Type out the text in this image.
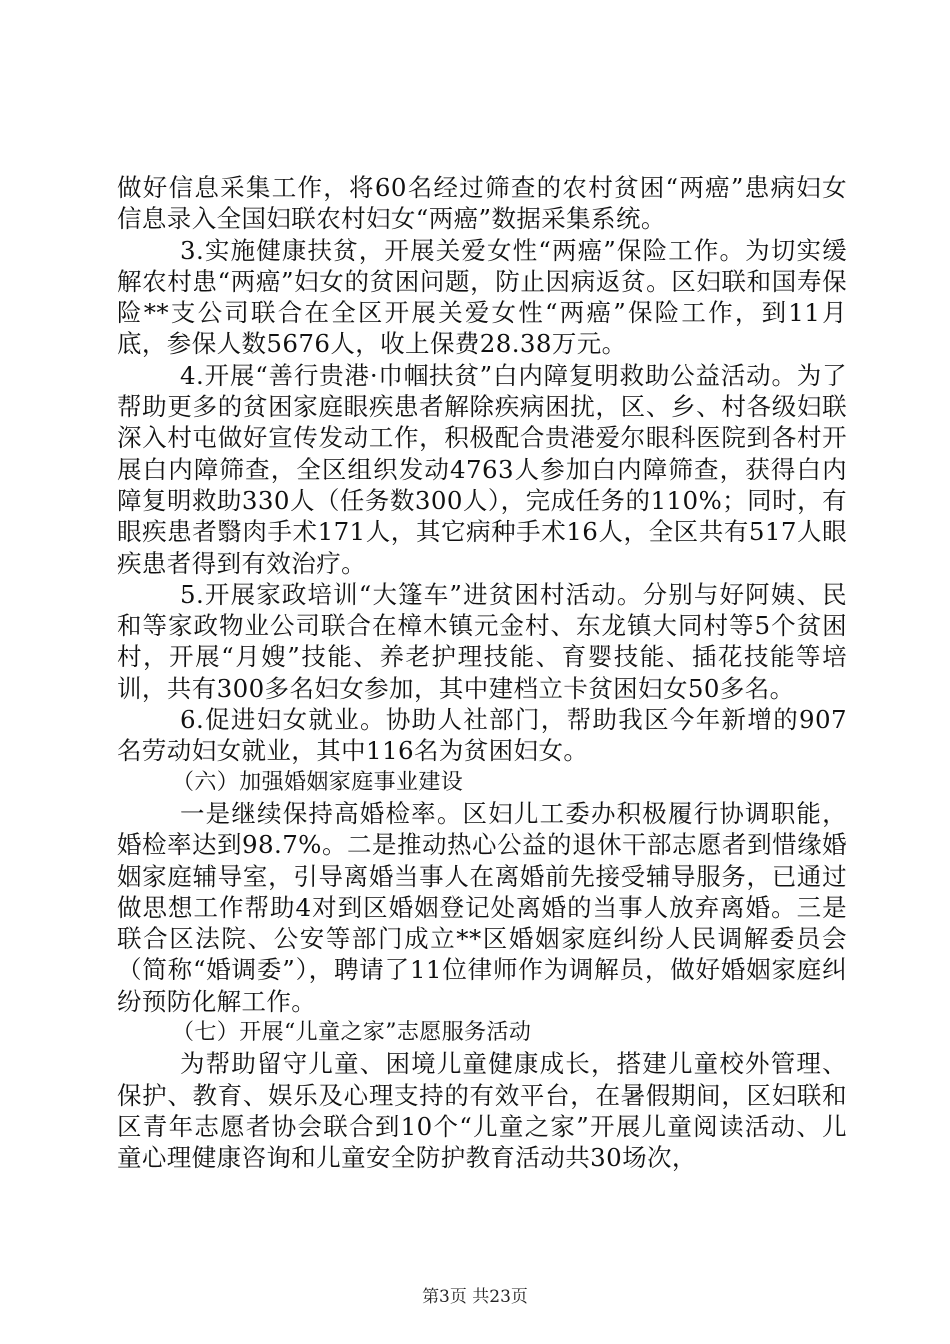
做好信息采集工作，将60名经过筛查的农村贫困“两癌”患病妇女信息录入全国妇联农村妇女“两癌”数据采集系统。

3.实施健康扶贫，开展关爱女性“两癌”保险工作。为切实缓解农村患“两癌”妇女的贫困问题，防止因病返贫。区妇联和国寿保险**支公司联合在全区开展关爱女性“两癌”保险工作，到11月底，参保人数5676人，收上保费28.38万元。

4.开展“善行贵港·巾帼扶贫”白内障复明救助公益活动。为了帮助更多的贫困家庭眼疾患者解除疾病困扰，区、乡、村各级妇联深入村屯做好宣传发动工作，积极配合贵港爱尔眼科医院到各村开展白内障筛查，全区组织发动4763人参加白内障筛查，获得白内障复明救助330人（任务数300人），完成任务的110%；同时，有眼疾患者翳肉手术171人，其它病种手术16人，全区共有517人眼疾患者得到有效治疗。

5.开展家政培训“大篷车”进贫困村活动。分别与好阿姨、民和等家政物业公司联合在樟木镇元金村、东龙镇大同村等5个贫困村，开展“月嫂”技能、养老护理技能、育婴技能、插花技能等培训，共有300多名妇女参加，其中建档立卡贫困妇女50多名。

6.促进妇女就业。协助人社部门，帮助我区今年新增的907名劳动妇女就业，其中116名为贫困妇女。

（六）加强婚姻家庭事业建设

一是继续保持高婚检率。区妇儿工委办积极履行协调职能，婚检率达到98.7%。二是推动热心公益的退休干部志愿者到惜缘婚姻家庭辅导室，引导离婚当事人在离婚前先接受辅导服务，已通过做思想工作帮助4对到区婚姻登记处离婚的当事人放弃离婚。三是联合区法院、公安等部门成立**区婚姻家庭纠纷人民调解委员会（简称“婚调委”），聘请了11位律师作为调解员，做好婚姻家庭纠纷预防化解工作。

（七）开展“儿童之家”志愿服务活动

为帮助留守儿童、困境儿童健康成长，搭建儿童校外管理、保护、教育、娱乐及心理支持的有效平台，在暑假期间，区妇联和区青年志愿者协会联合到10个“儿童之家”开展儿童阅读活动、儿童心理健康咨询和儿童安全防护教育活动共30场次，

第3页 共23页
